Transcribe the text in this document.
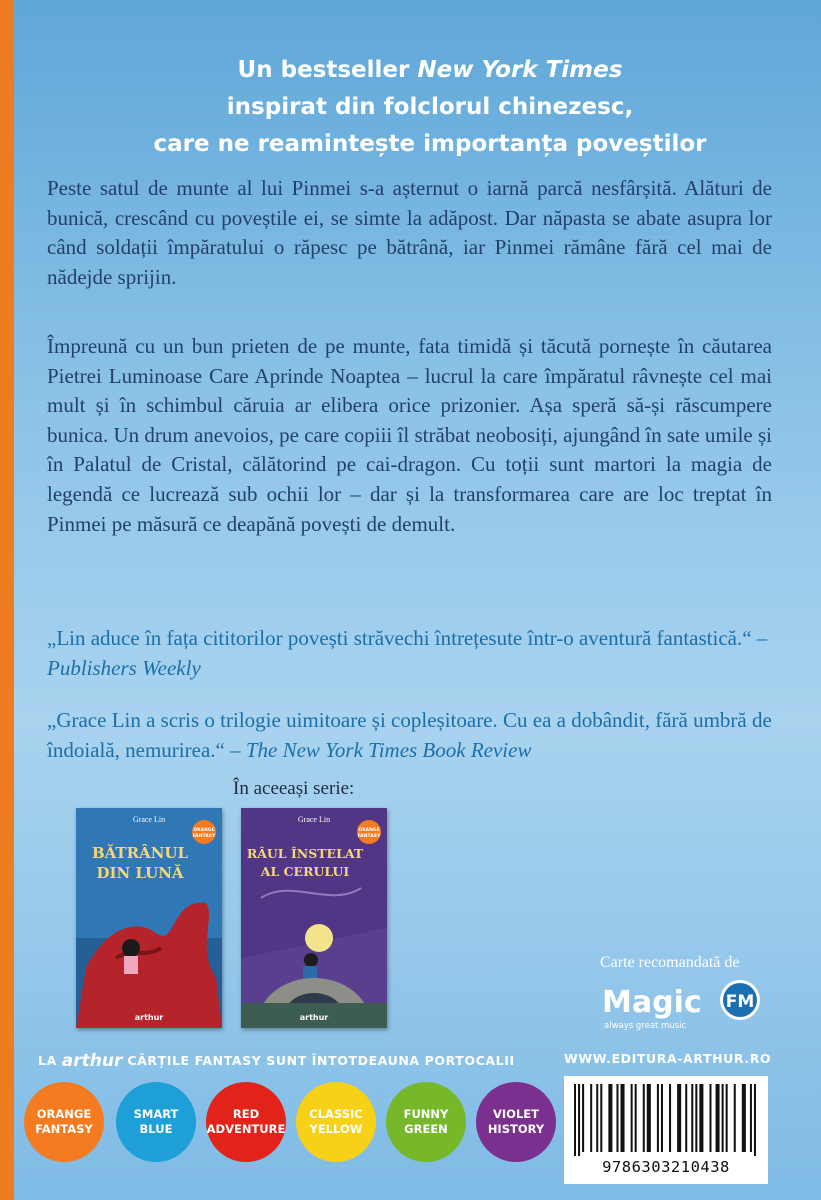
Un bestseller New York Times
inspirat din folclorul chinezesc,
care ne reamintește importanța poveștilor

Peste satul de munte al lui Pinmei s-a așternut o iarnă parcă nesfârșită. Alături de bunică, crescând cu poveștile ei, se simte la adăpost. Dar năpasta se abate asupra lor când soldații împăratului o răpesc pe bătrână, iar Pinmei rămâne fără cel mai de nădejde sprijin.

Împreună cu un bun prieten de pe munte, fata timidă și tăcută pornește în căutarea Pietrei Luminoase Care Aprinde Noaptea – lucrul la care împăratul râvnește cel mai mult și în schimbul căruia ar elibera orice prizonier. Așa speră să-și răscumpere bunica. Un drum anevoios, pe care copiii îl străbat neobosiți, ajungând în sate umile și în Palatul de Cristal, călătorind pe cai-dragon. Cu toții sunt martori la magia de legendă ce lucrează sub ochii lor – dar și la transformarea care are loc treptat în Pinmei pe măsură ce deapănă povești de demult.

„Lin aduce în fața cititorilor povești străvechi întrețesute într-o aventură fantastică.“ – Publishers Weekly

„Grace Lin a scris o trilogie uimitoare și copleșitoare. Cu ea a dobândit, fără umbră de îndoială, nemurirea.“ – The New York Times Book Review

În aceeași serie:
Grace Lin
BĂTRÂNUL
DIN LUNĂ
ORANGE
FANTASY
arthur
Grace Lin
RÂUL ÎNSTELAT
AL CERULUI
ORANGE
FANTASY
arthur
Carte recomandată de
Magic FM
always great music
LA arthur CĂRȚILE FANTASY SUNT ÎNTOTDEAUNA PORTOCALII	WWW.EDITURA-ARTHUR.RO
ORANGE
FANTASY
SMART
BLUE
RED
ADVENTURE
CLASSIC
YELLOW
FUNNY
GREEN
VIOLET
HISTORY
9786303210438
